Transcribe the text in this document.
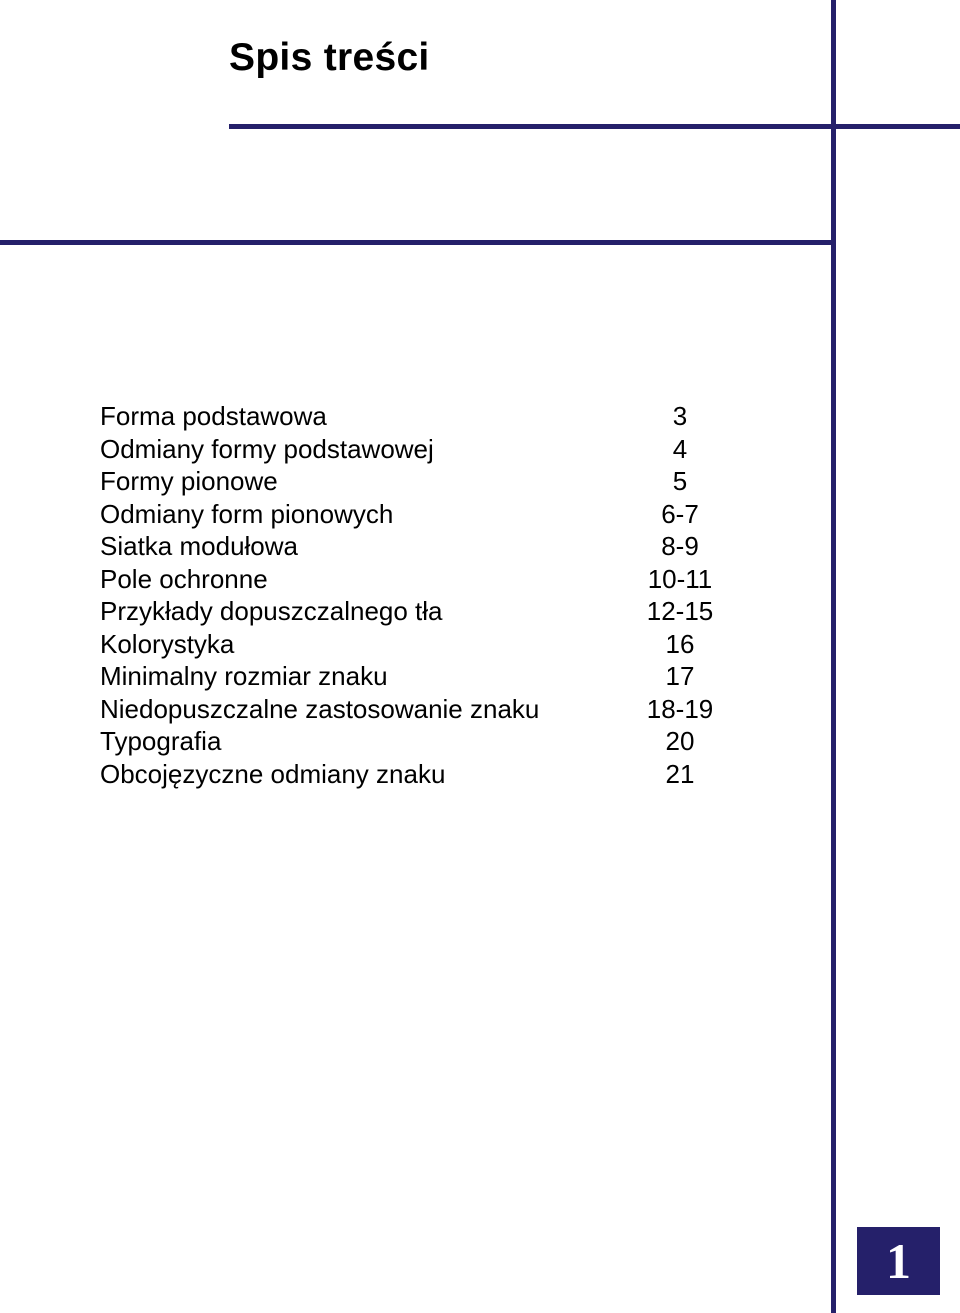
Spis treści
Forma podstawowa	3
Odmiany formy podstawowej	4
Formy pionowe	5
Odmiany form pionowych	6-7
Siatka modułowa	8-9
Pole ochronne	10-11
Przykłady dopuszczalnego tła	12-15
Kolorystyka	16
Minimalny rozmiar znaku	17
Niedopuszczalne zastosowanie znaku	18-19
Typografia	20
Obcojęzyczne odmiany znaku	21
1
